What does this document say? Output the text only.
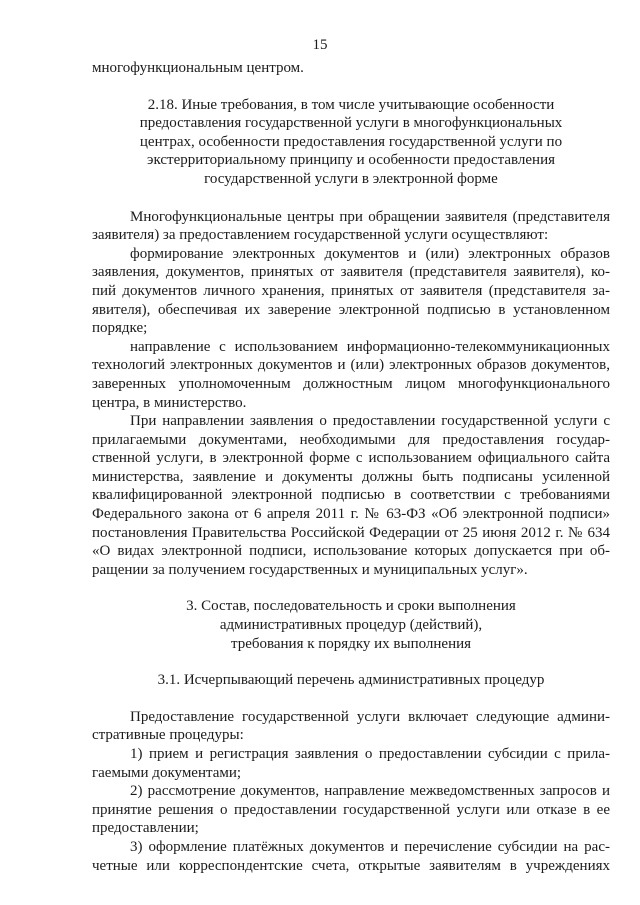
15

многофункциональным центром.

2.18. Иные требования, в том числе учитывающие особенности
предоставления государственной услуги в многофункциональных
центрах, особенности предоставления государственной услуги по
экстерриториальному принципу и особенности предоставления
государственной услуги в электронной форме
Многофункциональные центры при обращении заявителя (представителя
заявителя) за предоставлением государственной услуги осуществляют:
формирование электронных документов и (или) электронных образов
заявления, документов, принятых от заявителя (представителя заявителя), ко-
пий документов личного хранения, принятых от заявителя (представителя за-
явителя), обеспечивая их заверение электронной подписью в установленном
порядке;
направление с использованием информационно-телекоммуникационных
технологий электронных документов и (или) электронных образов документов,
заверенных уполномоченным должностным лицом многофункционального
центра, в министерство.
При направлении заявления о предоставлении государственной услуги с
прилагаемыми документами, необходимыми для предоставления государ-
ственной услуги, в электронной форме с использованием официального сайта
министерства, заявление и документы должны быть подписаны усиленной
квалифицированной электронной подписью в соответствии с требованиями
Федерального закона от 6 апреля 2011 г. № 63-ФЗ «Об электронной подписи»
постановления Правительства Российской Федерации от 25 июня 2012 г. № 634
«О видах электронной подписи, использование которых допускается при об-
ращении за получением государственных и муниципальных услуг».
3. Состав, последовательность и сроки выполнения
административных процедур (действий),
требования к порядку их выполнения
3.1. Исчерпывающий перечень административных процедур
Предоставление государственной услуги включает следующие админи-
стративные процедуры:
1) прием и регистрация заявления о предоставлении субсидии с прила-
гаемыми документами;
2) рассмотрение документов, направление межведомственных запросов и
принятие решения о предоставлении государственной услуги или отказе в ее
предоставлении;
3) оформление платёжных документов и перечисление субсидии на рас-
четные или корреспондентские счета, открытые заявителям в учреждениях
